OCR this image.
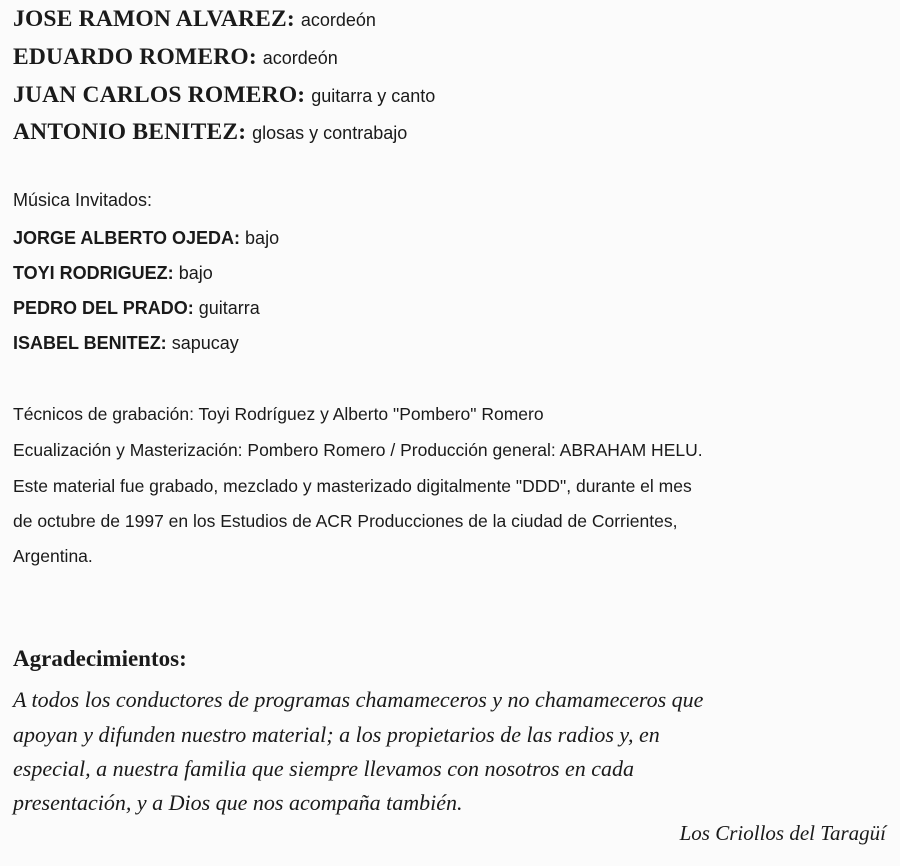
JOSE RAMON ALVAREZ: acordeón
EDUARDO ROMERO: acordeón
JUAN CARLOS ROMERO: guitarra y canto
ANTONIO BENITEZ: glosas y contrabajo
Música Invitados:
JORGE ALBERTO OJEDA: bajo
TOYI RODRIGUEZ: bajo
PEDRO DEL PRADO: guitarra
ISABEL BENITEZ: sapucay
Técnicos de grabación: Toyi Rodríguez y Alberto "Pombero" Romero
Ecualización y Masterización: Pombero Romero / Producción general: ABRAHAM HELU.
Este material fue grabado, mezclado y masterizado digitalmente "DDD", durante el mes
de octubre de 1997 en los Estudios de ACR Producciones de la ciudad de Corrientes,
Argentina.
Agradecimientos:
A todos los conductores de programas chamameceros y no chamameceros que
apoyan y difunden nuestro material; a los propietarios de las radios y, en
especial, a nuestra familia que siempre llevamos con nosotros en cada
presentación, y a Dios que nos acompaña también.
Los Criollos del Taragüí
